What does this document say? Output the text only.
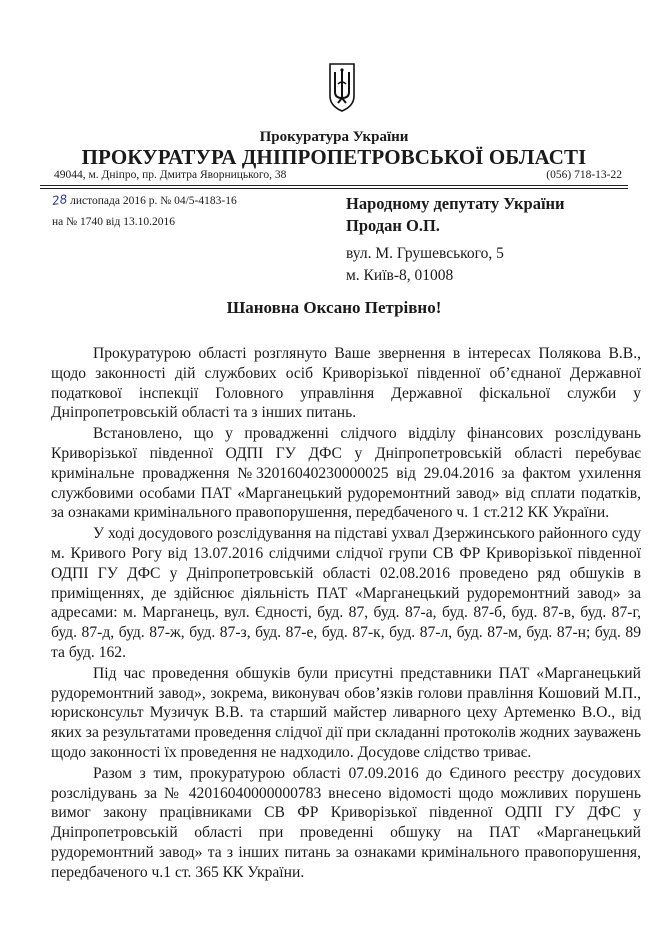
Прокуратура України
ПРОКУРАТУРА ДНІПРОПЕТРОВСЬКОЇ ОБЛАСТІ
49044, м. Дніпро, пр. Дмитра Яворницького, 38	(056) 718-13-22
28 листопада 2016 р. № 04/5-4183-16
на № 1740 від 13.10.2016
Народному депутату України
Продан О.П.
вул. М. Грушевського, 5
м. Київ-8, 01008
Шановна Оксано Петрівно!

Прокуратурою області розглянуто Ваше звернення в інтересах Полякова В.В., щодо законності дій службових осіб Криворізької південної об’єднаної Державної податкової інспекції Головного управління Державної фіскальної служби у Дніпропетровській області та з інших питань.

Встановлено, що у провадженні слідчого відділу фінансових розслідувань Криворізької південної ОДПІ ГУ ДФС у Дніпропетровській області перебуває кримінальне провадження №32016040230000025 від 29.04.2016 за фактом ухилення службовими особами ПАТ «Марганецький рудоремонтний завод» від сплати податків, за ознаками кримінального правопорушення, передбаченого ч. 1 ст.212 КК України.

У ході досудового розслідування на підставі ухвал Дзержинського районного суду м. Кривого Рогу від 13.07.2016 слідчими слідчої групи СВ ФР Криворізької південної ОДПІ ГУ ДФС у Дніпропетровській області 02.08.2016 проведено ряд обшуків в приміщеннях, де здійснює діяльність ПАТ «Марганецький рудоремонтний завод» за адресами: м. Марганець, вул. Єдності, буд. 87, буд. 87-а, буд. 87-б, буд. 87-в, буд. 87-г, буд. 87-д, буд. 87-ж, буд. 87-з, буд. 87-е, буд. 87-к, буд. 87-л, буд. 87-м, буд. 87-н; буд. 89 та буд. 162.

Під час проведення обшуків були присутні представники ПАТ «Марганецький рудоремонтний завод», зокрема, виконувач обов’язків голови правління Кошовий М.П., юрисконсульт Музичук В.В. та старший майстер ливарного цеху Артеменко В.О., від яких за результатами проведення слідчої дії при складанні протоколів жодних зауважень щодо законності їх проведення не надходило. Досудове слідство триває.

Разом з тим, прокуратурою області 07.09.2016 до Єдиного реєстру досудових розслідувань за № 42016040000000783 внесено відомості щодо можливих порушень вимог закону працівниками СВ ФР Криворізької південної ОДПІ ГУ ДФС у Дніпропетровській області при проведенні обшуку на ПАТ «Марганецький рудоремонтний завод» та з інших питань за ознаками кримінального правопорушення, передбаченого ч.1 ст. 365 КК України.
